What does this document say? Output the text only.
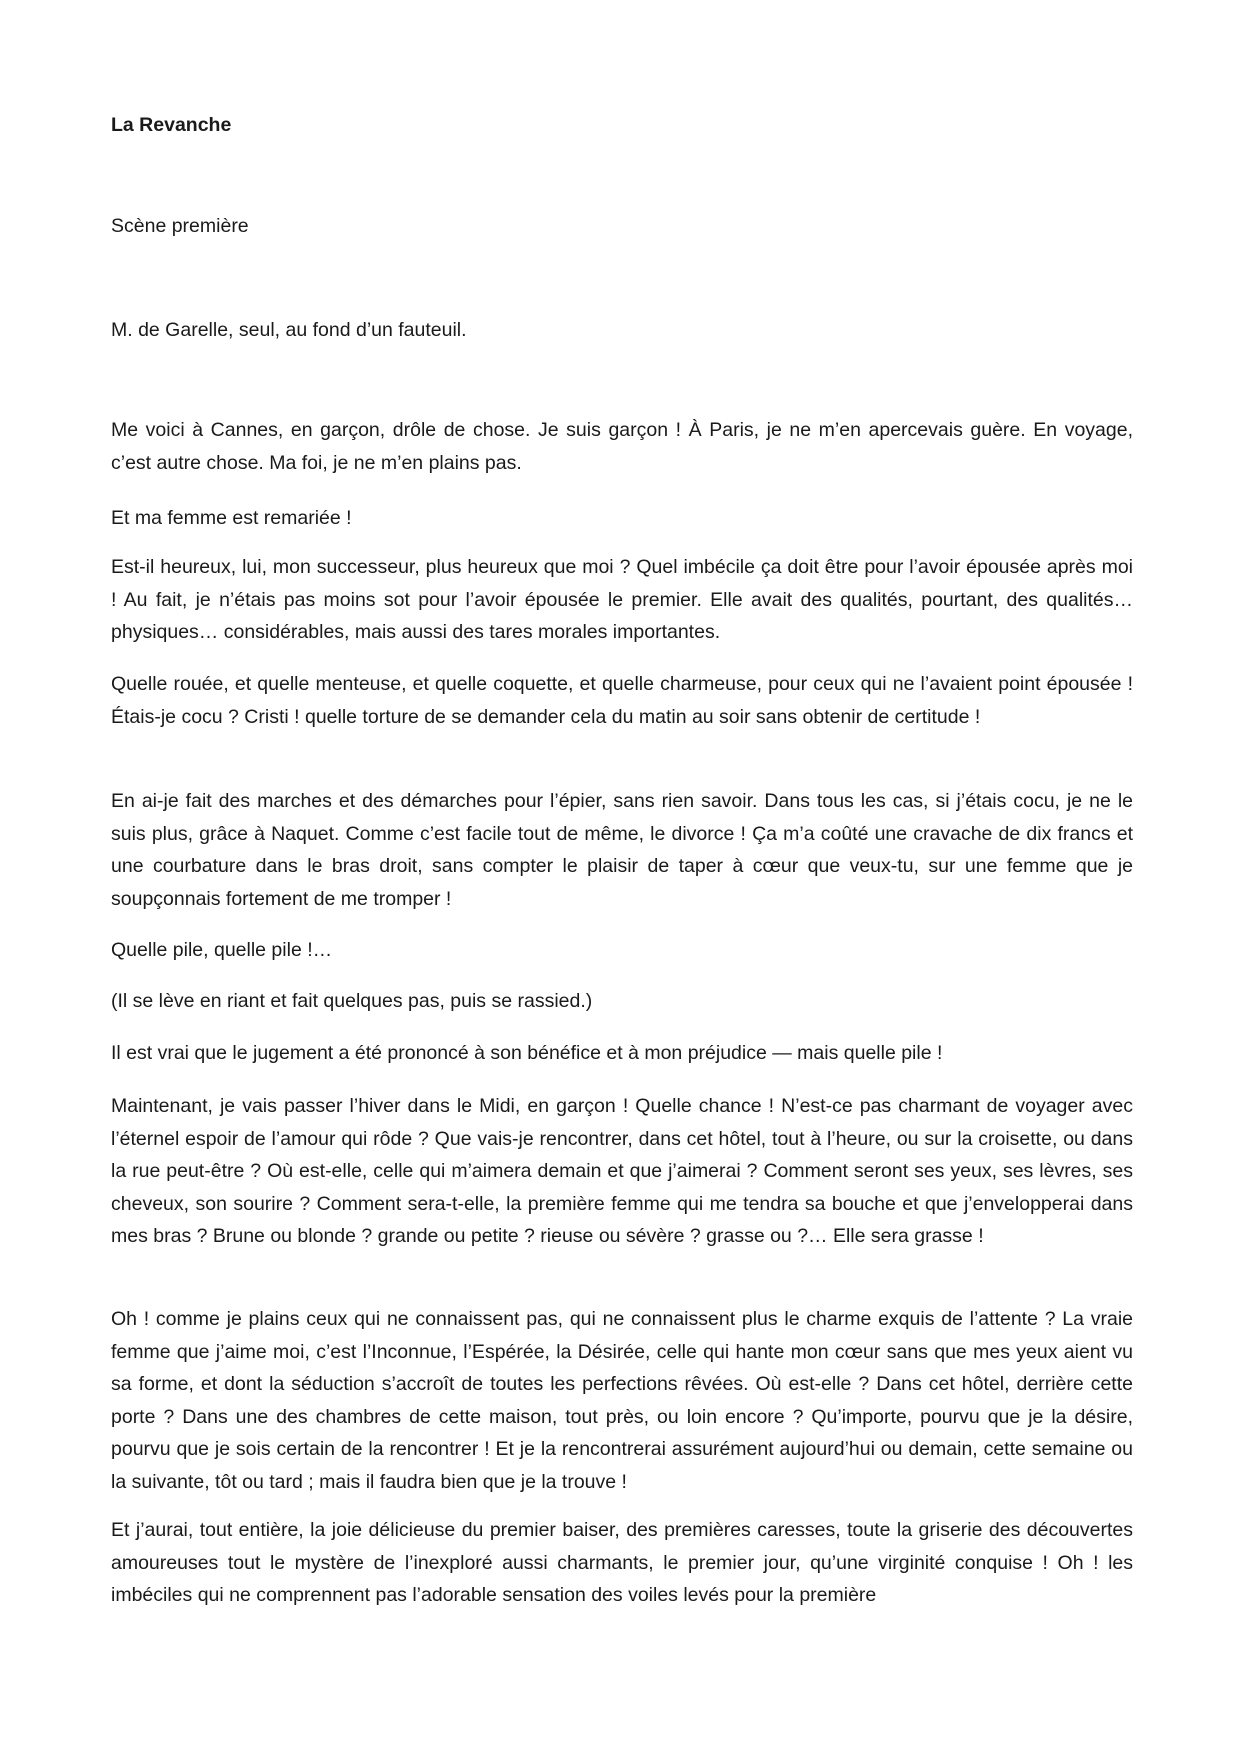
La Revanche

Scène première

M. de Garelle, seul, au fond d’un fauteuil.

Me voici à Cannes, en garçon, drôle de chose. Je suis garçon ! À Paris, je ne m’en apercevais guère. En voyage, c’est autre chose. Ma foi, je ne m’en plains pas.

Et ma femme est remariée !

Est-il heureux, lui, mon successeur, plus heureux que moi ? Quel imbécile ça doit être pour l’avoir épousée après moi ! Au fait, je n’étais pas moins sot pour l’avoir épousée le premier. Elle avait des qualités, pourtant, des qualités… physiques… considérables, mais aussi des tares morales importantes.

Quelle rouée, et quelle menteuse, et quelle coquette, et quelle charmeuse, pour ceux qui ne l’avaient point épousée ! Étais-je cocu ? Cristi ! quelle torture de se demander cela du matin au soir sans obtenir de certitude !

En ai-je fait des marches et des démarches pour l’épier, sans rien savoir. Dans tous les cas, si j’étais cocu, je ne le suis plus, grâce à Naquet. Comme c’est facile tout de même, le divorce ! Ça m’a coûté une cravache de dix francs et une courbature dans le bras droit, sans compter le plaisir de taper à cœur que veux-tu, sur une femme que je soupçonnais fortement de me tromper !

Quelle pile, quelle pile !…

(Il se lève en riant et fait quelques pas, puis se rassied.)

Il est vrai que le jugement a été prononcé à son bénéfice et à mon préjudice — mais quelle pile !

Maintenant, je vais passer l’hiver dans le Midi, en garçon ! Quelle chance ! N’est-ce pas charmant de voyager avec l’éternel espoir de l’amour qui rôde ? Que vais-je rencontrer, dans cet hôtel, tout à l’heure, ou sur la croisette, ou dans la rue peut-être ? Où est-elle, celle qui m’aimera demain et que j’aimerai ? Comment seront ses yeux, ses lèvres, ses cheveux, son sourire ? Comment sera-t-elle, la première femme qui me tendra sa bouche et que j’envelopperai dans mes bras ? Brune ou blonde ? grande ou petite ? rieuse ou sévère ? grasse ou ?… Elle sera grasse !

Oh ! comme je plains ceux qui ne connaissent pas, qui ne connaissent plus le charme exquis de l’attente ? La vraie femme que j’aime moi, c’est l’Inconnue, l’Espérée, la Désirée, celle qui hante mon cœur sans que mes yeux aient vu sa forme, et dont la séduction s’accroît de toutes les perfections rêvées. Où est-elle ? Dans cet hôtel, derrière cette porte ? Dans une des chambres de cette maison, tout près, ou loin encore ? Qu’importe, pourvu que je la désire, pourvu que je sois certain de la rencontrer ! Et je la rencontrerai assurément aujourd’hui ou demain, cette semaine ou la suivante, tôt ou tard ; mais il faudra bien que je la trouve !

Et j’aurai, tout entière, la joie délicieuse du premier baiser, des premières caresses, toute la griserie des découvertes amoureuses tout le mystère de l’inexploré aussi charmants, le premier jour, qu’une virginité conquise ! Oh ! les imbéciles qui ne comprennent pas l’adorable sensation des voiles levés pour la première
